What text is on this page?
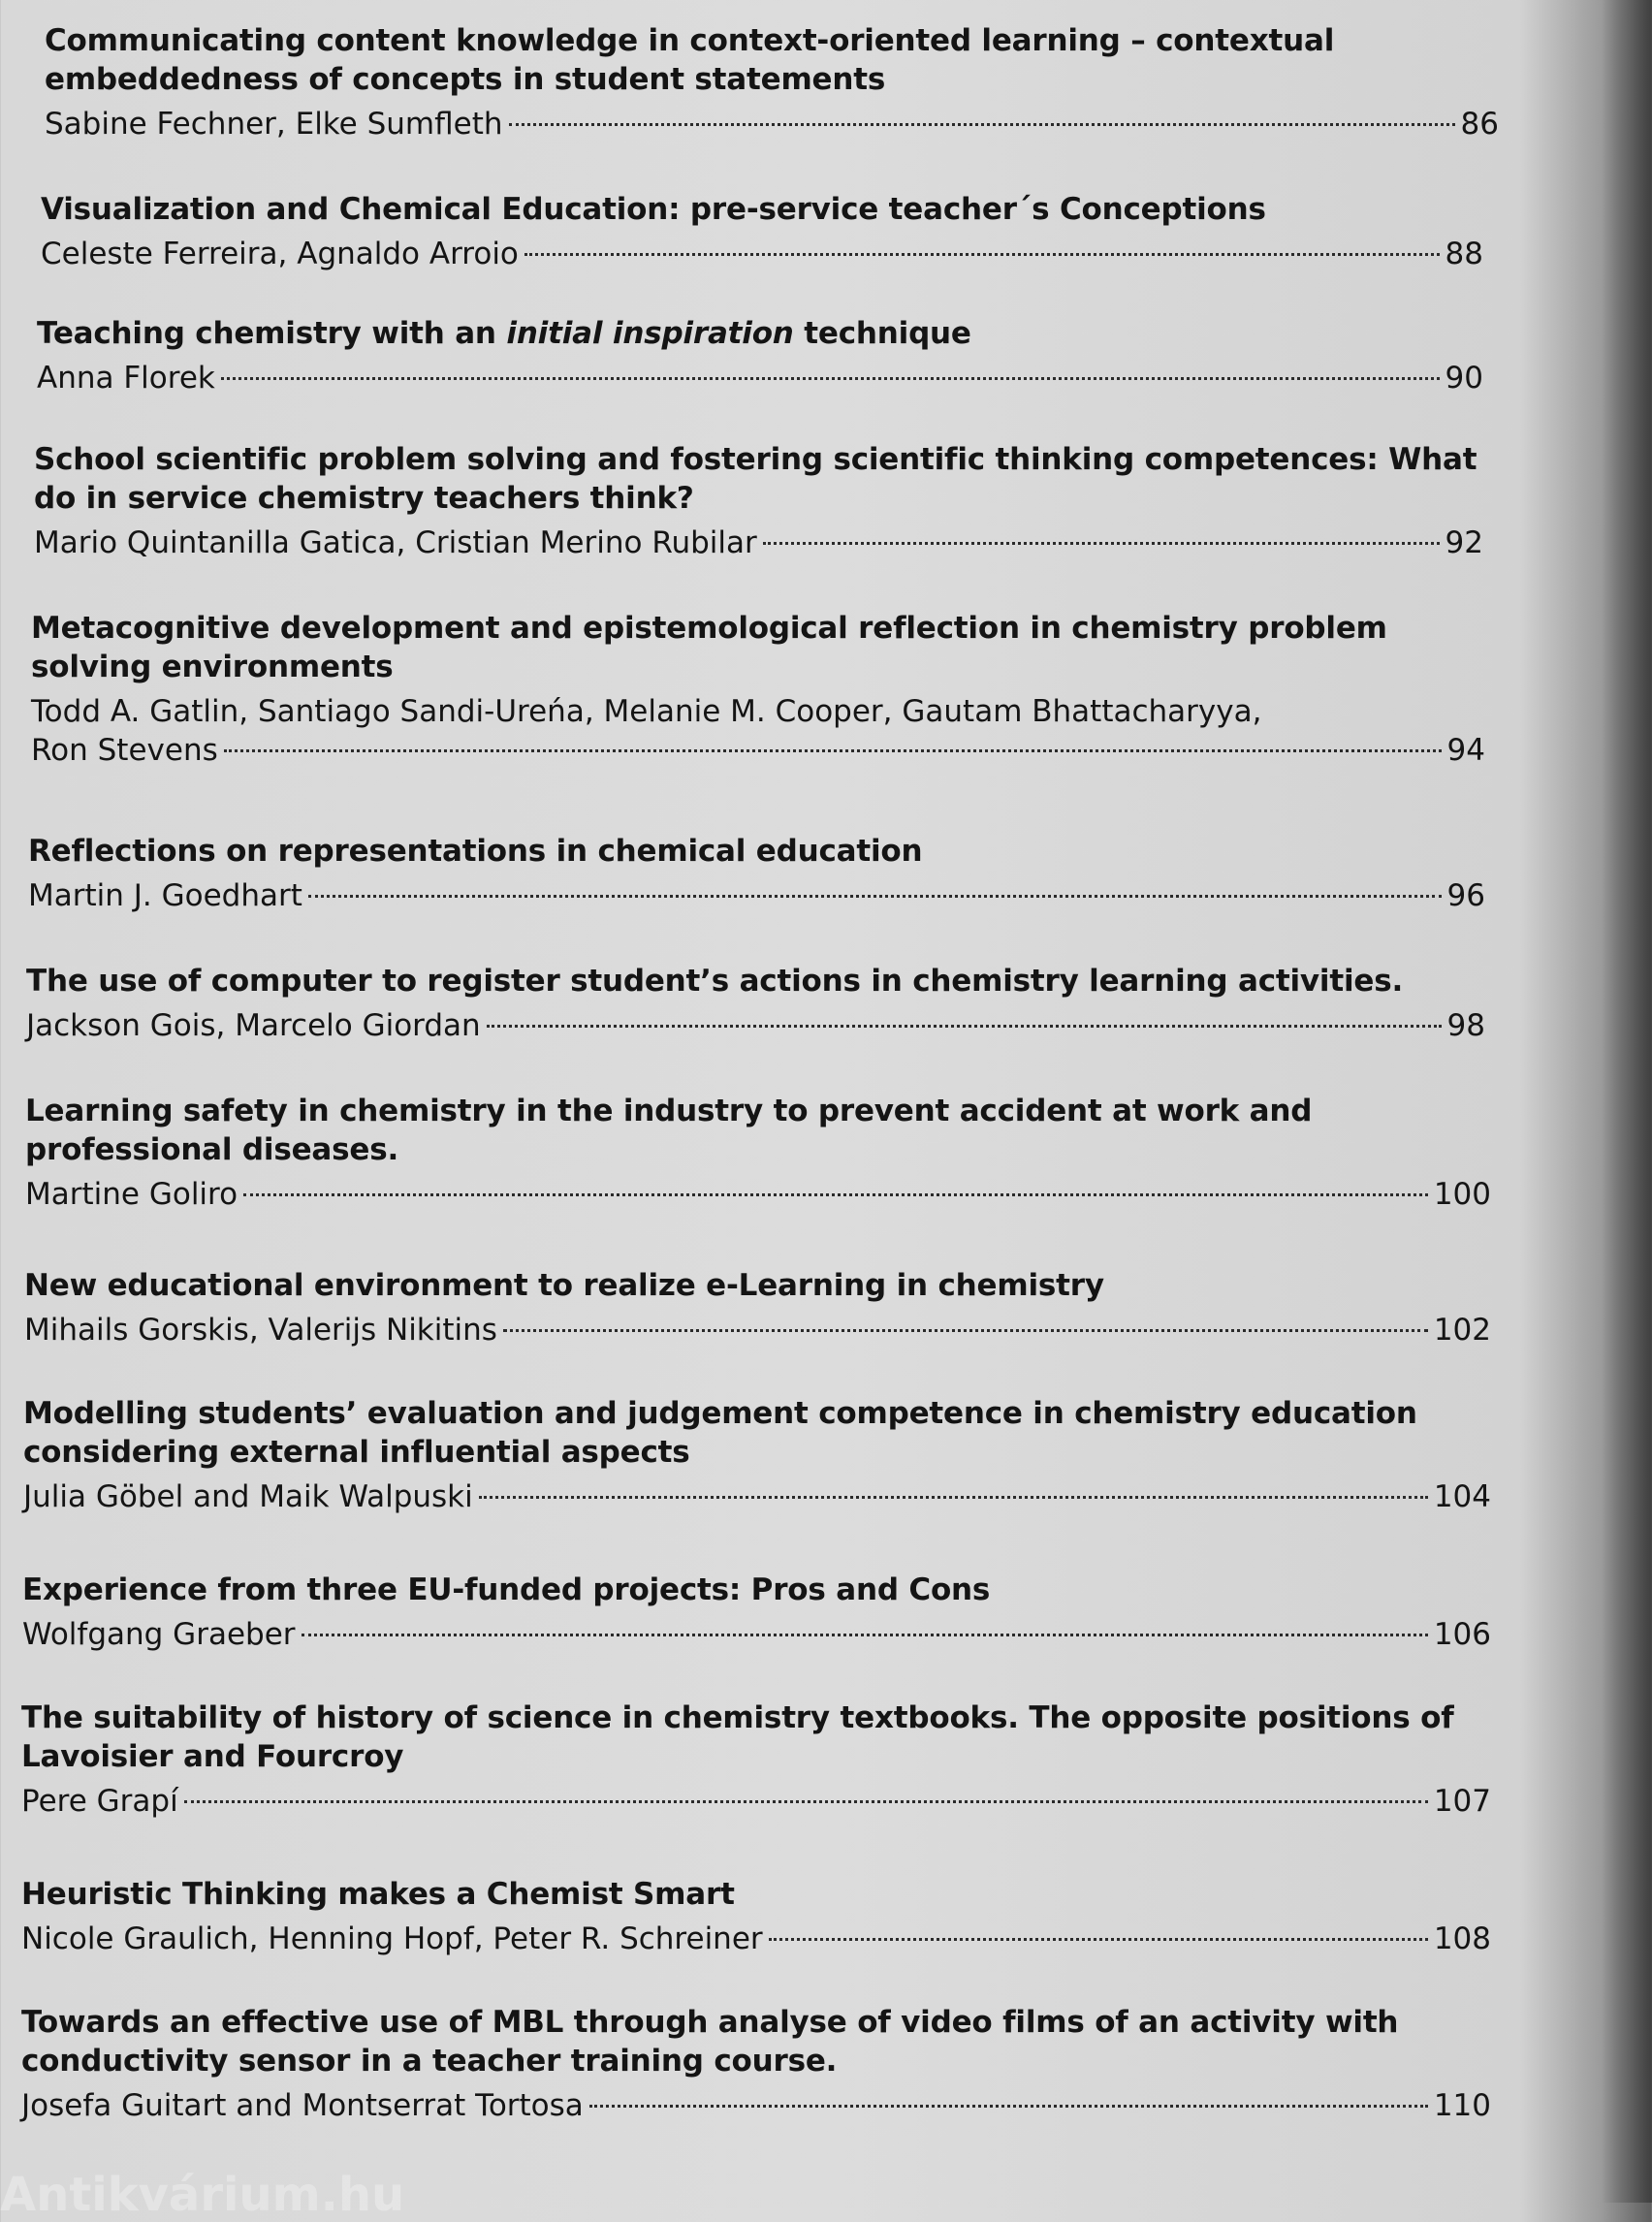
Communicating content knowledge in context-oriented learning – contextual embeddedness of concepts in student statements
Sabine Fechner, Elke Sumfleth	86
Visualization and Chemical Education: pre-service teacher´s Conceptions
Celeste Ferreira, Agnaldo Arroio	88
Teaching chemistry with an initial inspiration technique
Anna Florek	90
School scientific problem solving and fostering scientific thinking competences: What do in service chemistry teachers think?
Mario Quintanilla Gatica, Cristian Merino Rubilar	92
Metacognitive development and epistemological reflection in chemistry problem solving environments
Todd A. Gatlin, Santiago Sandi-Ureńa, Melanie M. Cooper, Gautam Bhattacharyya,
Ron Stevens	94
Reflections on representations in chemical education
Martin J. Goedhart	96
The use of computer to register student’s actions in chemistry learning activities.
Jackson Gois, Marcelo Giordan	98
Learning safety in chemistry in the industry to prevent accident at work and professional diseases.
Martine Goliro	100
New educational environment to realize e-Learning in chemistry
Mihails Gorskis, Valerijs Nikitins	102
Modelling students’ evaluation and judgement competence in chemistry education considering external influential aspects
Julia Göbel and Maik Walpuski	104
Experience from three EU-funded projects: Pros and Cons
Wolfgang Graeber	106
The suitability of history of science in chemistry textbooks. The opposite positions of Lavoisier and Fourcroy
Pere Grapí	107
Heuristic Thinking makes a Chemist Smart
Nicole Graulich, Henning Hopf, Peter R. Schreiner	108
Towards an effective use of MBL through analyse of video films of an activity with conductivity sensor in a teacher training course.
Josefa Guitart and Montserrat Tortosa	110
Antikvárium.hu
